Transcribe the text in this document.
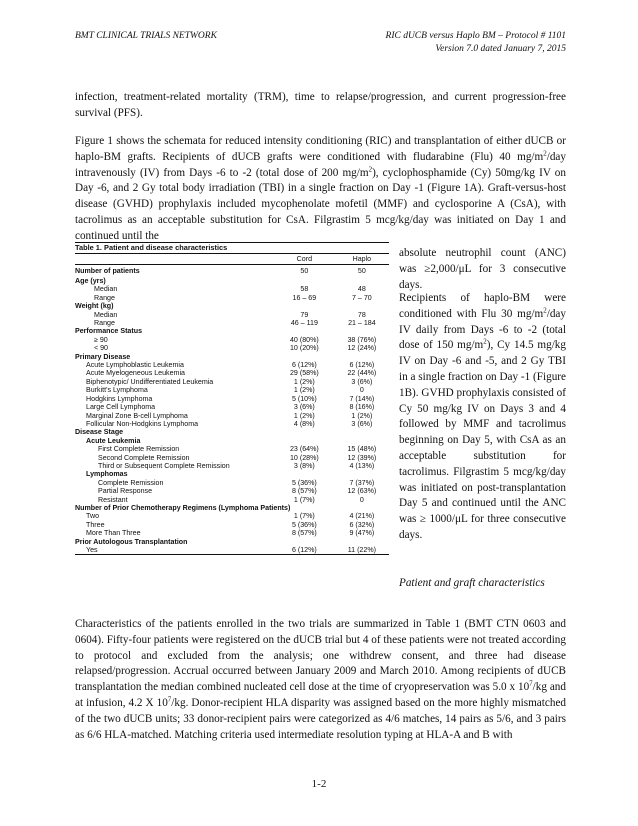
BMT CLINICAL TRIALS NETWORK	RIC dUCB versus Haplo BM – Protocol # 1101
Version 7.0 dated January 7, 2015
infection, treatment-related mortality (TRM), time to relapse/progression, and current progression-free survival (PFS).
Figure 1 shows the schemata for reduced intensity conditioning (RIC) and transplantation of either dUCB or haplo-BM grafts. Recipients of dUCB grafts were conditioned with fludarabine (Flu) 40 $mg/m^2$/day intravenously (IV) from Days -6 to -2 (total dose of 200 $mg/m^2$), cyclophosphamide (Cy) 50mg/kg IV on Day -6, and 2 Gy total body irradiation (TBI) in a single fraction on Day -1 (Figure 1A). Graft-versus-host disease (GVHD) prophylaxis included mycophenolate mofetil (MMF) and cyclosporine A (CsA), with tacrolimus as an acceptable substitution for CsA. Filgrastim 5 mcg/kg/day was initiated on Day 1 and continued until the
absolute neutrophil count (ANC) was ≥2,000/μL for 3 consecutive days.
Recipients of haplo-BM were conditioned with Flu 30 $mg/m^2$/day IV daily from Days -6 to -2 (total dose of 150 $mg/m^2$), Cy 14.5 mg/kg IV on Day -6 and -5, and 2 Gy TBI in a single fraction on Day -1 (Figure 1B). GVHD prophylaxis consisted of Cy 50 mg/kg IV on Days 3 and 4 followed by MMF and tacrolimus beginning on Day 5, with CsA as an acceptable substitution for tacrolimus. Filgrastim 5 mcg/kg/day was initiated on post-transplantation Day 5 and continued until the ANC was ≥ 1000/μL for three consecutive days.
Patient and graft characteristics
Table 1. Patient and disease characteristics		
	Cord	Haplo
Number of patients	50	50
Age (yrs)		
Median	58	48
Range	16 – 69	7 – 70
Weight (kg)		
Median	79	78
Range	46 – 119	21 – 184
Performance Status		
≥ 90	40 (80%)	38 (76%)
< 90	10 (20%)	12 (24%)
Primary Disease		
Acute Lymphoblastic Leukemia	6 (12%)	6 (12%)
Acute Myelogeneous Leukemia	29 (58%)	22 (44%)
Biphenotypic/ Undifferentiated Leukemia	1 (2%)	3 (6%)
Burkitt's Lymphoma	1 (2%)	0
Hodgkins Lymphoma	5 (10%)	7 (14%)
Large Cell Lymphoma	3 (6%)	8 (16%)
Marginal Zone B-cell Lymphoma	1 (2%)	1 (2%)
Follicular Non-Hodgkins Lymphoma	4 (8%)	3 (6%)
Disease Stage		
Acute Leukemia		
First Complete Remission	23 (64%)	15 (48%)
Second Complete Remission	10 (28%)	12 (39%)
Third or Subsequent Complete Remission	3 (8%)	4 (13%)
Lymphomas		
Complete Remission	5 (36%)	7 (37%)
Partial Response	8 (57%)	12 (63%)
Resistant	1 (7%)	0
Number of Prior Chemotherapy Regimens (Lymphoma Patients)		
Two	1 (7%)	4 (21%)
Three	5 (36%)	6 (32%)
More Than Three	8 (57%)	9 (47%)
Prior Autologous Transplantation		
Yes	6 (12%)	11 (22%)
Characteristics of the patients enrolled in the two trials are summarized in Table 1 (BMT CTN 0603 and 0604). Fifty-four patients were registered on the dUCB trial but 4 of these patients were not treated according to protocol and excluded from the analysis; one withdrew consent, and three had disease relapsed/progression. Accrual occurred between January 2009 and March 2010. Among recipients of dUCB transplantation the median combined nucleated cell dose at the time of cryopreservation was 5.0 x $10^7/kg$ and at infusion, 4.2 X $10^7/kg$. Donor-recipient HLA disparity was assigned based on the more highly mismatched of the two dUCB units; 33 donor-recipient pairs were categorized as 4/6 matches, 14 pairs as 5/6, and 3 pairs as 6/6 HLA-matched. Matching criteria used intermediate resolution typing at HLA-A and B with
1-2
